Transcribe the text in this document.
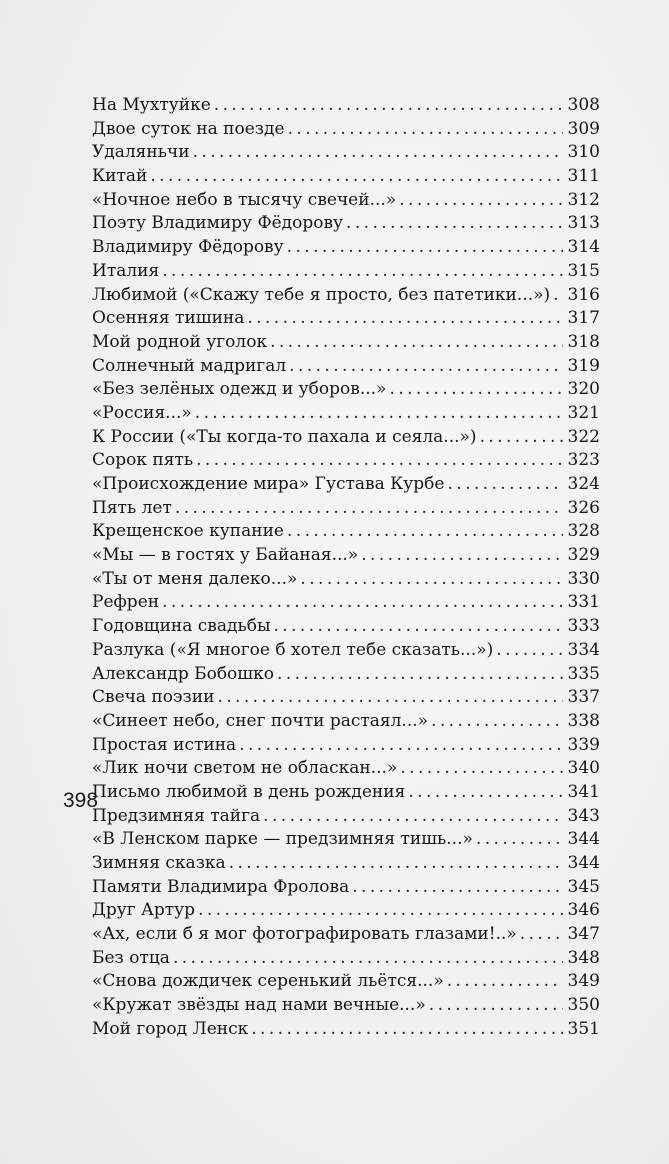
На Мухтуйке . . .	308
Двое суток на поезде . . .	309
Удаляньчи . . .	310
Китай . . .	311
«Ночное небо в тысячу свечей...» . . .	312
Поэту Владимиру Фёдорову . . .	313
Владимиру Фёдорову . . .	314
Италия . . .	315
Любимой («Скажу тебе я просто, без патетики...») . . . 316
Осенняя тишина . . .	317
Мой родной уголок . . .	318
Солнечный мадригал . . .	319
«Без зелёных одежд и уборов...» . . .	320
«Россия...» . . .	321
К России («Ты когда-то пахала и сеяла...») . . .	322
Сорок пять . . .	323
«Происхождение мира» Густава Курбе . . .	324
Пять лет . . .	326
Крещенское купание . . .	328
«Мы — в гостях у Байаная...» . . .	329
«Ты от меня далеко...» . . .	330
Рефрен . . .	331
Годовщина свадьбы . . .	333
Разлука («Я многое б хотел тебе сказать...») . . .	334
Александр Бобошко . . .	335
Свеча поэзии . . .	337
«Синеет небо, снег почти растаял...» . . .	338
Простая истина . . .	339
«Лик ночи светом не обласкан...» . . .	340
Письмо любимой в день рождения . . .	341
Предзимняя тайга . . .	343
«В Ленском парке — предзимняя тишь...» . . .	344
Зимняя сказка . . .	344
Памяти Владимира Фролова . . .	345
Друг Артур . . .	346
«Ах, если б я мог фотографировать глазами!..» . . .	347
Без отца . . .	348
«Снова дождичек серенький льётся...» . . .	349
«Кружат звёзды над нами вечные...» . . .	350
Мой город Ленск . . .	351
398
